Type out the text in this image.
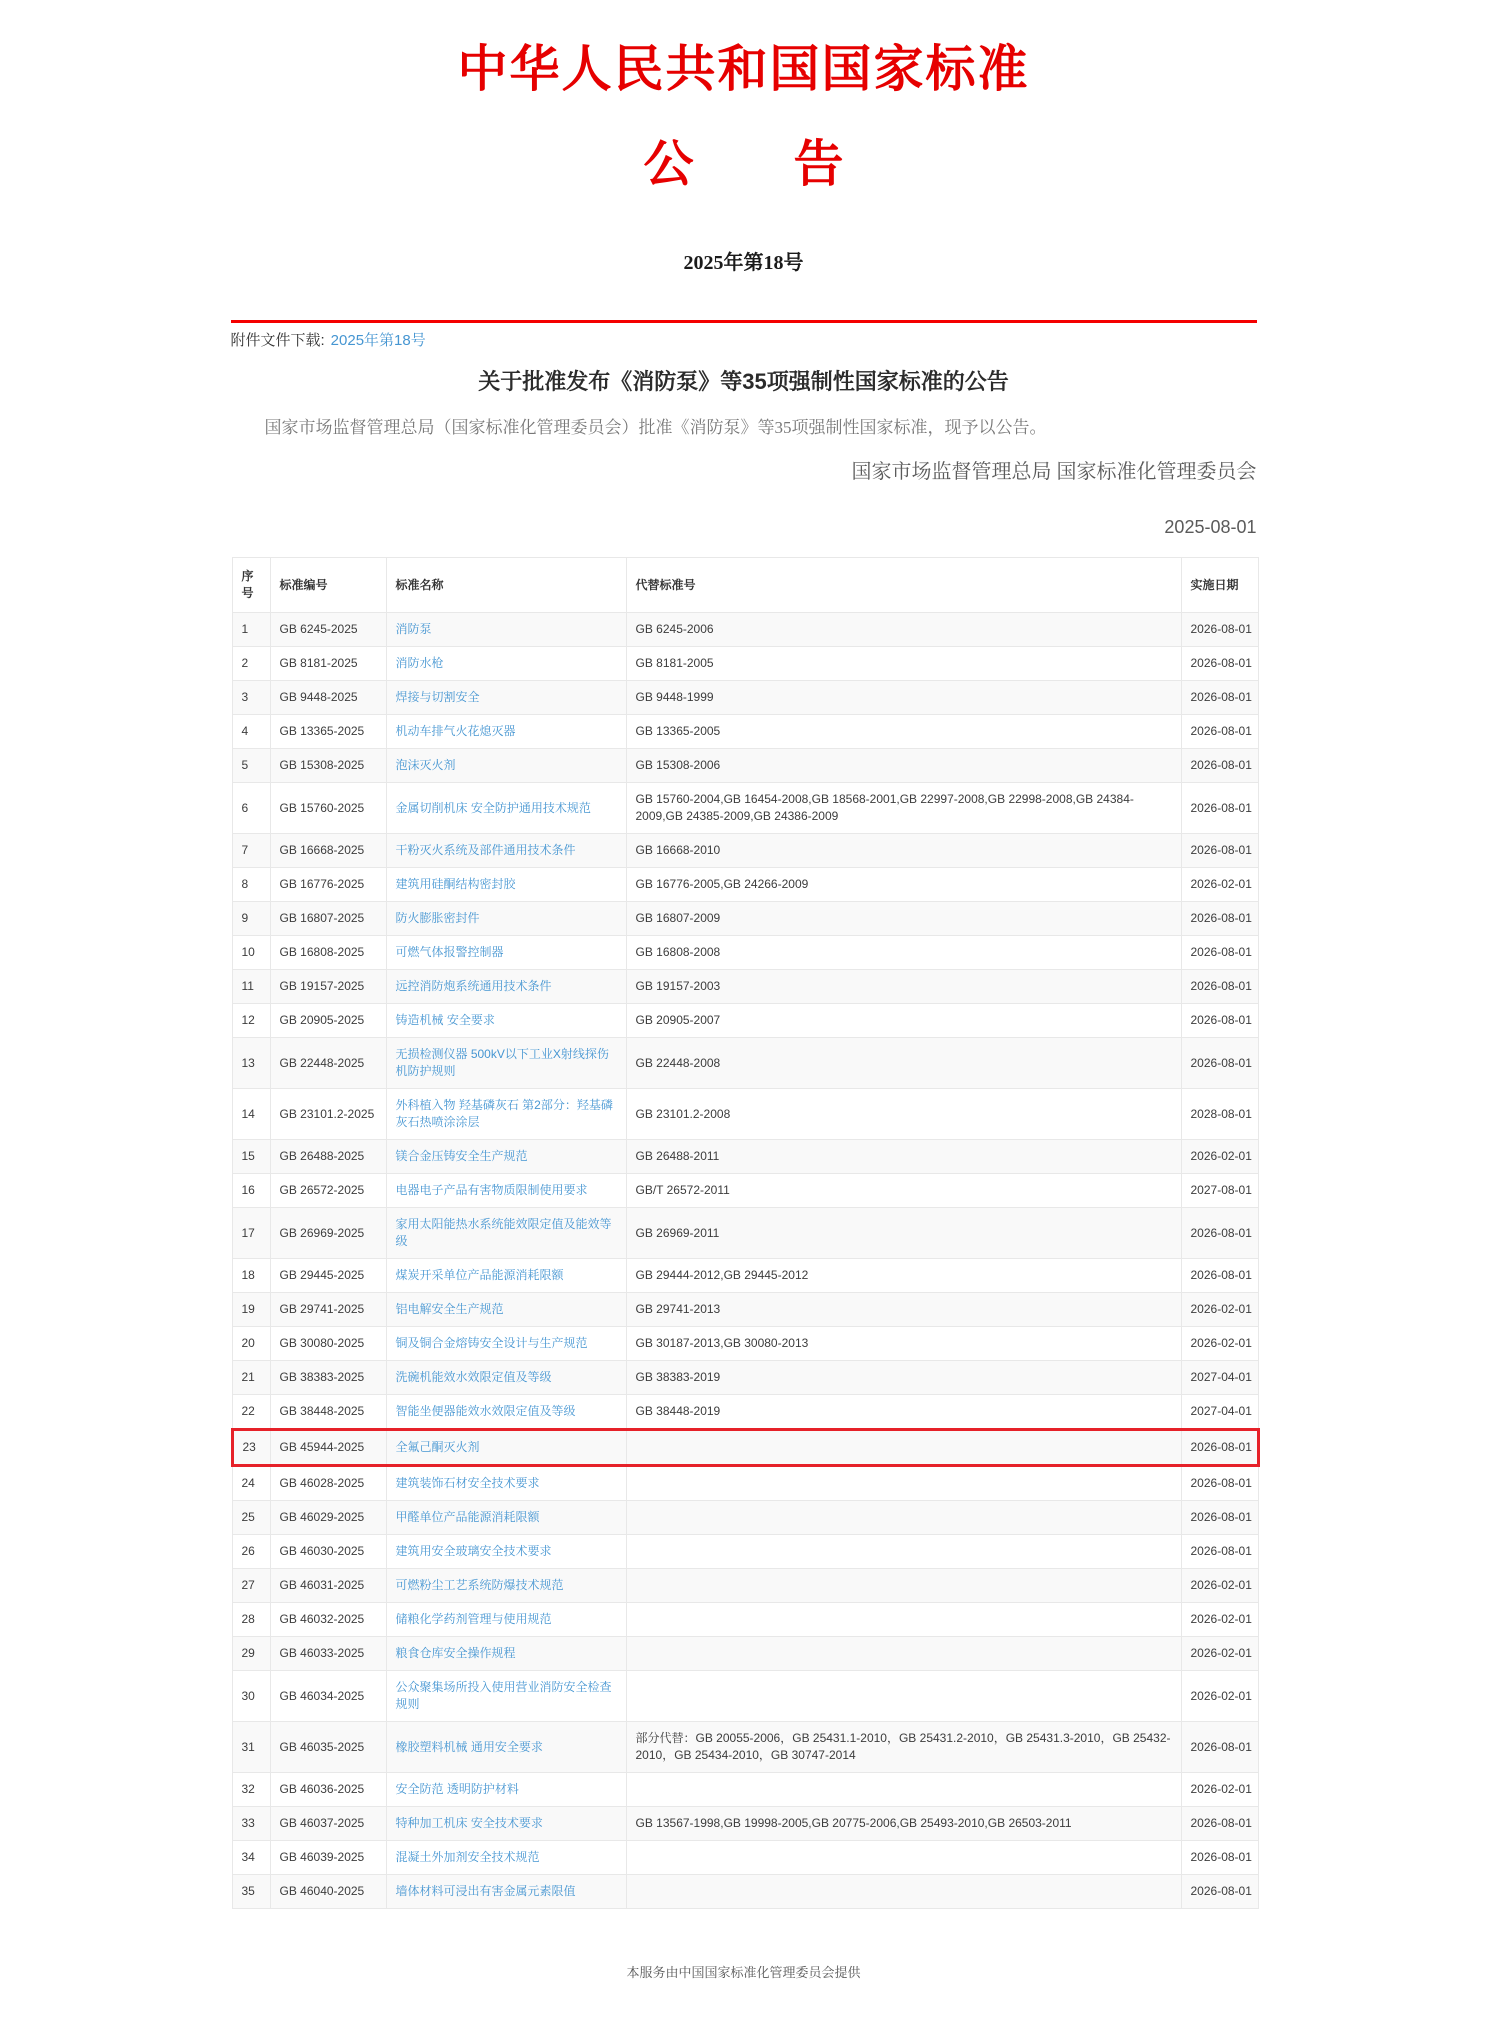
中华人民共和国国家标准
公　　告
2025年第18号
附件文件下载: 2025年第18号
关于批准发布《消防泵》等35项强制性国家标准的公告

国家市场监督管理总局（国家标准化管理委员会）批准《消防泵》等35项强制性国家标准，现予以公告。

国家市场监督管理总局 国家标准化管理委员会
2025-08-01
序号	标准编号	标准名称	代替标准号	实施日期
1	GB 6245-2025	消防泵	GB 6245-2006	2026-08-01
2	GB 8181-2025	消防水枪	GB 8181-2005	2026-08-01
3	GB 9448-2025	焊接与切割安全	GB 9448-1999	2026-08-01
4	GB 13365-2025	机动车排气火花熄灭器	GB 13365-2005	2026-08-01
5	GB 15308-2025	泡沫灭火剂	GB 15308-2006	2026-08-01
6	GB 15760-2025	金属切削机床 安全防护通用技术规范	GB 15760-2004,GB 16454-2008,GB 18568-2001,GB 22997-2008,GB 22998-2008,GB 24384-2009,GB 24385-2009,GB 24386-2009	2026-08-01
7	GB 16668-2025	干粉灭火系统及部件通用技术条件	GB 16668-2010	2026-08-01
8	GB 16776-2025	建筑用硅酮结构密封胶	GB 16776-2005,GB 24266-2009	2026-02-01
9	GB 16807-2025	防火膨胀密封件	GB 16807-2009	2026-08-01
10	GB 16808-2025	可燃气体报警控制器	GB 16808-2008	2026-08-01
11	GB 19157-2025	远控消防炮系统通用技术条件	GB 19157-2003	2026-08-01
12	GB 20905-2025	铸造机械 安全要求	GB 20905-2007	2026-08-01
13	GB 22448-2025	无损检测仪器 500kV以下工业X射线探伤机防护规则	GB 22448-2008	2026-08-01
14	GB 23101.2-2025	外科植入物 羟基磷灰石 第2部分：羟基磷灰石热喷涂涂层	GB 23101.2-2008	2028-08-01
15	GB 26488-2025	镁合金压铸安全生产规范	GB 26488-2011	2026-02-01
16	GB 26572-2025	电器电子产品有害物质限制使用要求	GB/T 26572-2011	2027-08-01
17	GB 26969-2025	家用太阳能热水系统能效限定值及能效等级	GB 26969-2011	2026-08-01
18	GB 29445-2025	煤炭开采单位产品能源消耗限额	GB 29444-2012,GB 29445-2012	2026-08-01
19	GB 29741-2025	铝电解安全生产规范	GB 29741-2013	2026-02-01
20	GB 30080-2025	铜及铜合金熔铸安全设计与生产规范	GB 30187-2013,GB 30080-2013	2026-02-01
21	GB 38383-2025	洗碗机能效水效限定值及等级	GB 38383-2019	2027-04-01
22	GB 38448-2025	智能坐便器能效水效限定值及等级	GB 38448-2019	2027-04-01
23	GB 45944-2025	全氟己酮灭火剂		2026-08-01
24	GB 46028-2025	建筑装饰石材安全技术要求		2026-08-01
25	GB 46029-2025	甲醛单位产品能源消耗限额		2026-08-01
26	GB 46030-2025	建筑用安全玻璃安全技术要求		2026-08-01
27	GB 46031-2025	可燃粉尘工艺系统防爆技术规范		2026-02-01
28	GB 46032-2025	储粮化学药剂管理与使用规范		2026-02-01
29	GB 46033-2025	粮食仓库安全操作规程		2026-02-01
30	GB 46034-2025	公众聚集场所投入使用营业消防安全检查规则		2026-02-01
31	GB 46035-2025	橡胶塑料机械 通用安全要求	部分代替：GB 20055-2006，GB 25431.1-2010，GB 25431.2-2010，GB 25431.3-2010，GB 25432-2010，GB 25434-2010，GB 30747-2014	2026-08-01
32	GB 46036-2025	安全防范 透明防护材料		2026-02-01
33	GB 46037-2025	特种加工机床 安全技术要求	GB 13567-1998,GB 19998-2005,GB 20775-2006,GB 25493-2010,GB 26503-2011	2026-08-01
34	GB 46039-2025	混凝土外加剂安全技术规范		2026-08-01
35	GB 46040-2025	墙体材料可浸出有害金属元素限值		2026-08-01
本服务由中国国家标准化管理委员会提供
